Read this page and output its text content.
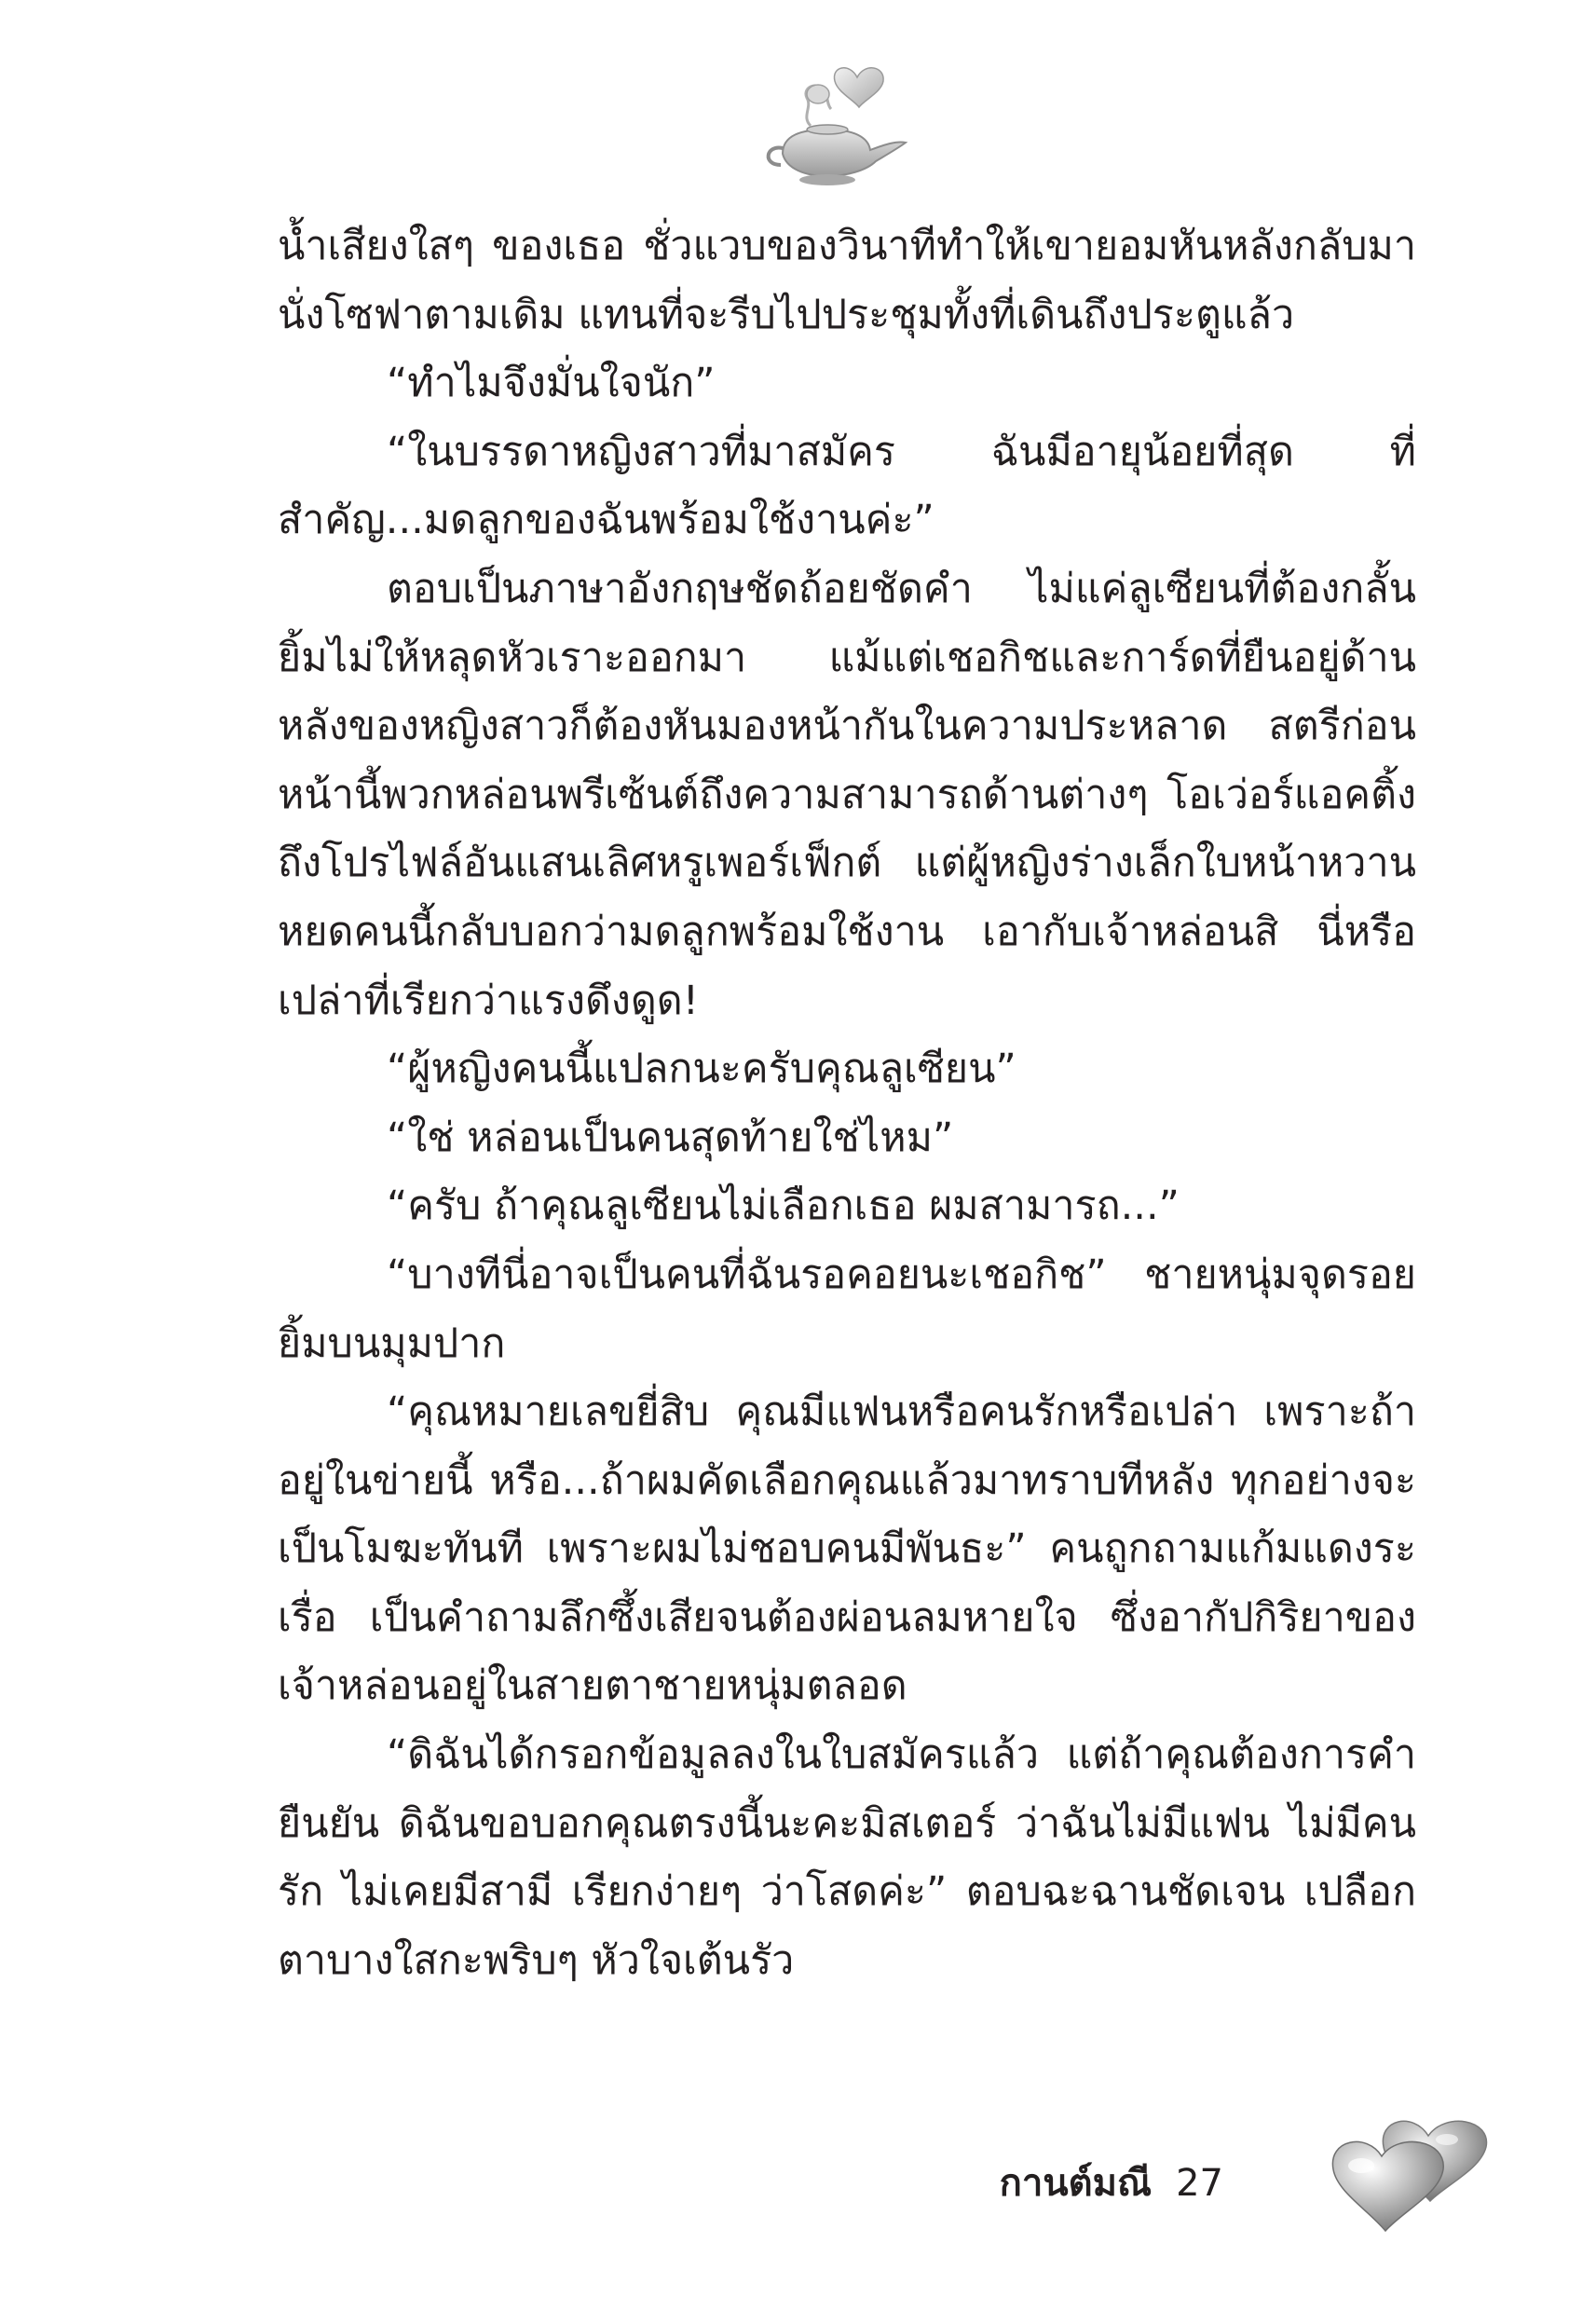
น้ำเสียงใสๆ ของเธอ ชั่วแวบของวินาทีทำให้เขายอมหันหลังกลับมานั่งโซฟาตามเดิม แทนที่จะรีบไปประชุมทั้งที่เดินถึงประตูแล้ว

“ทำไมจึงมั่นใจนัก”

“ในบรรดาหญิงสาวที่มาสมัคร ฉันมีอายุน้อยที่สุด ที่สำคัญ...มดลูกของฉันพร้อมใช้งานค่ะ”

ตอบเป็นภาษาอังกฤษชัดถ้อยชัดคำ ไม่แค่ลูเซียนที่ต้องกลั้นยิ้มไม่ให้หลุดหัวเราะออกมา แม้แต่เชอกิชและการ์ดที่ยืนอยู่ด้านหลังของหญิงสาวก็ต้องหันมองหน้ากันในความประหลาด สตรีก่อนหน้านี้พวกหล่อนพรีเซ้นต์ถึงความสามารถด้านต่างๆ โอเว่อร์แอคติ้งถึงโปรไฟล์อันแสนเลิศหรูเพอร์เฟ็กต์ แต่ผู้หญิงร่างเล็กใบหน้าหวานหยดคนนี้กลับบอกว่ามดลูกพร้อมใช้งาน เอากับเจ้าหล่อนสิ นี่หรือเปล่าที่เรียกว่าแรงดึงดูด!

“ผู้หญิงคนนี้แปลกนะครับคุณลูเซียน”

“ใช่ หล่อนเป็นคนสุดท้ายใช่ไหม”

“ครับ ถ้าคุณลูเซียนไม่เลือกเธอ ผมสามารถ...”

“บางทีนี่อาจเป็นคนที่ฉันรอคอยนะเชอกิช” ชายหนุ่มจุดรอยยิ้มบนมุมปาก

“คุณหมายเลขยี่สิบ คุณมีแฟนหรือคนรักหรือเปล่า เพราะถ้าอยู่ในข่ายนี้ หรือ...ถ้าผมคัดเลือกคุณแล้วมาทราบทีหลัง ทุกอย่างจะเป็นโมฆะทันที เพราะผมไม่ชอบคนมีพันธะ” คนถูกถามแก้มแดงระเรื่อ เป็นคำถามลึกซึ้งเสียจนต้องผ่อนลมหายใจ ซึ่งอากัปกิริยาของเจ้าหล่อนอยู่ในสายตาชายหนุ่มตลอด

“ดิฉันได้กรอกข้อมูลลงในใบสมัครแล้ว แต่ถ้าคุณต้องการคำยืนยัน ดิฉันขอบอกคุณตรงนี้นะคะมิสเตอร์ ว่าฉันไม่มีแฟน ไม่มีคนรัก ไม่เคยมีสามี เรียกง่ายๆ ว่าโสดค่ะ” ตอบฉะฉานชัดเจน เปลือกตาบางใสกะพริบๆ หัวใจเต้นรัว

กานต์มณี 27
